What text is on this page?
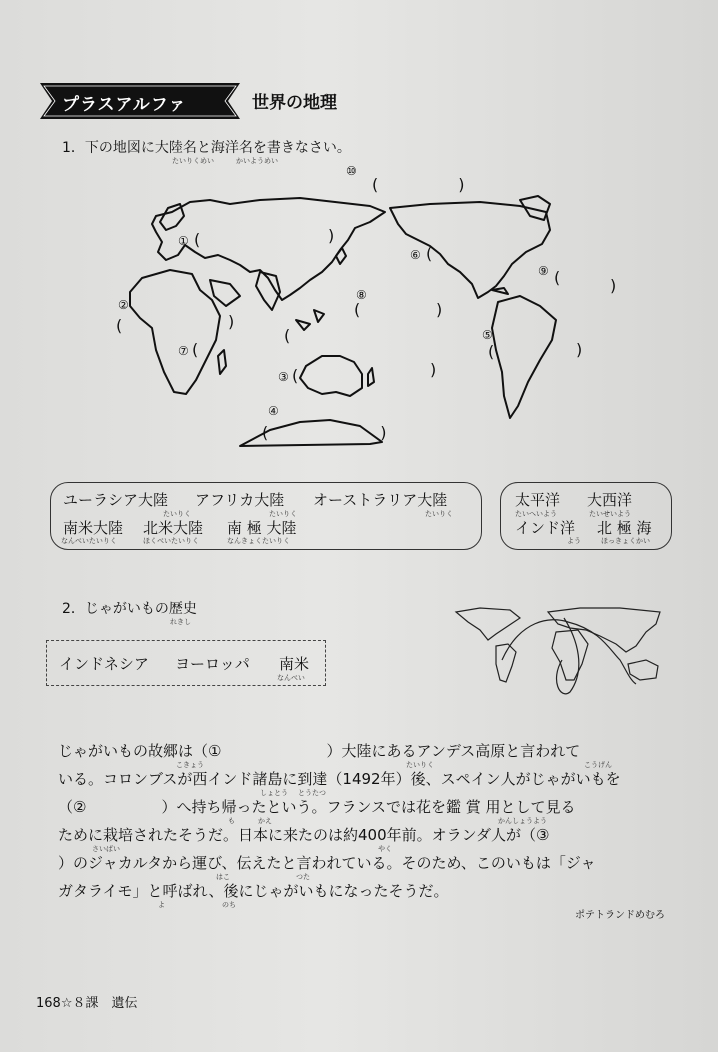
プラスアルファ	世界の地理
1．下の地図に大陸名と海洋名を書きなさい。
たいりくめい	かいようめい
⑩
(　　　　　)
① (	)
⑥ (
⑨ (	)
②
(	)
⑧
(	)
⑤
(	)
⑦ (
(
③ (	)
④
(　　　　　　　)
ユーラシア大陸 アフリカ大陸 オーストラリア大陸
たいりく	たいりく	たいりく
南米大陸 北米大陸 南 極 大陸
なんべいたいりく	ほくべいたいりく	なんきょくたいりく
太平洋 大西洋
たいへいよう	たいせいよう
インド洋 北 極 海
よう	ほっきょくかい
2．じゃがいもの歴史
れきし
インドネシア ヨーロッパ 南米
なんべい
じゃがいもの故郷は（①　　　　　　　）大陸にあるアンデス高原と言われて
こきょう	たいりく	こうげん
いる。コロンブスが西インド諸島に到達（1492年）後、スペイン人がじゃがいもを
しょとう とうたつ
（②　　　　　）へ持ち帰ったという。フランスでは花を鑑 賞 用として見る
も	かえ	かんしょうよう
ために栽培されたそうだ。日本に来たのは約400年前。オランダ人が（③
さいばい	やく
）のジャカルタから運び、伝えたと言われている。そのため、このいもは「ジャ
はこ	つた
ガタライモ」と呼ばれ、後にじゃがいもになったそうだ。
よ	のち
ポテトランドめむろ
168☆８課　遺伝
